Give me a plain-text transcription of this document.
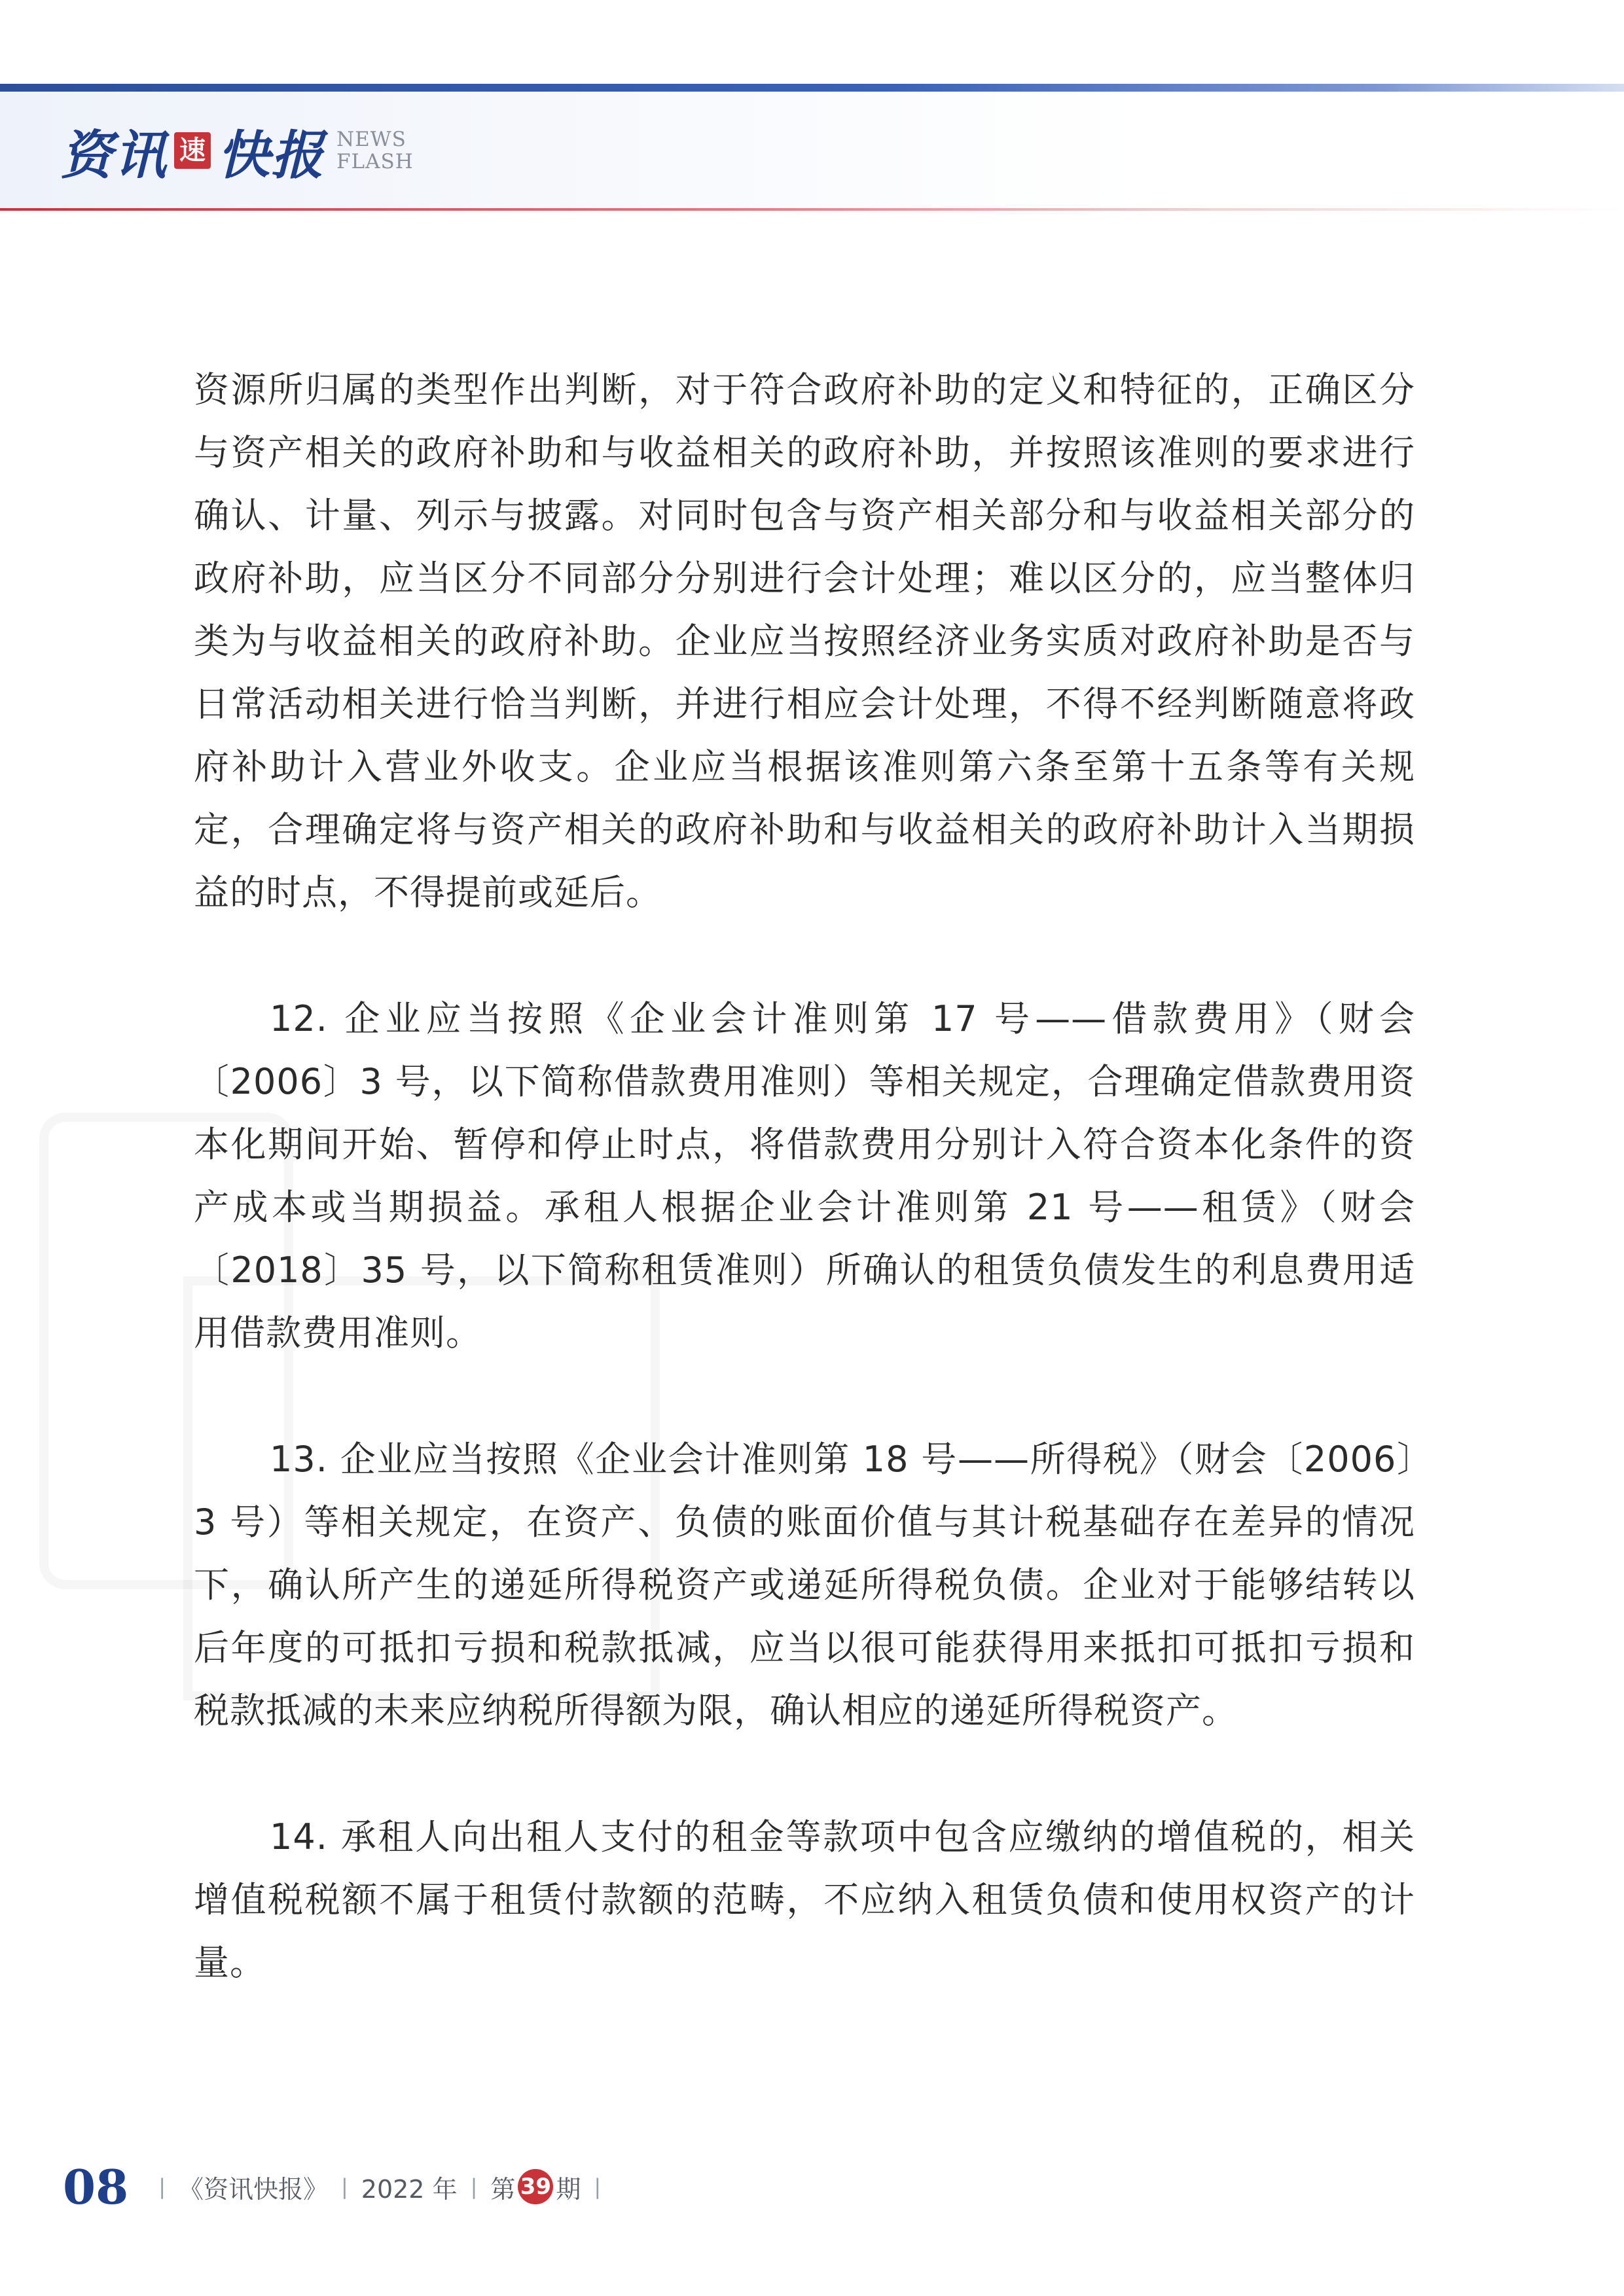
资讯 速 快报 NEWS
FLASH

资源所归属的类型作出判断，对于符合政府补助的定义和特征的，正确区分与资产相关的政府补助和与收益相关的政府补助，并按照该准则的要求进行确认、计量、列示与披露。对同时包含与资产相关部分和与收益相关部分的政府补助，应当区分不同部分分别进行会计处理；难以区分的，应当整体归类为与收益相关的政府补助。企业应当按照经济业务实质对政府补助是否与日常活动相关进行恰当判断，并进行相应会计处理，不得不经判断随意将政府补助计入营业外收支。企业应当根据该准则第六条至第十五条等有关规定，合理确定将与资产相关的政府补助和与收益相关的政府补助计入当期损益的时点，不得提前或延后。

12. 企业应当按照《企业会计准则第 17 号——借款费用》（财会〔2006〕3 号，以下简称借款费用准则）等相关规定，合理确定借款费用资本化期间开始、暂停和停止时点，将借款费用分别计入符合资本化条件的资产成本或当期损益。承租人根据企业会计准则第 21 号——租赁》（财会〔2018〕35 号，以下简称租赁准则）所确认的租赁负债发生的利息费用适用借款费用准则。

13. 企业应当按照《企业会计准则第 18 号——所得税》（财会〔2006〕3 号）等相关规定，在资产、负债的账面价值与其计税基础存在差异的情况下，确认所产生的递延所得税资产或递延所得税负债。企业对于能够结转以后年度的可抵扣亏损和税款抵减，应当以很可能获得用来抵扣可抵扣亏损和税款抵减的未来应纳税所得额为限，确认相应的递延所得税资产。

14. 承租人向出租人支付的租金等款项中包含应缴纳的增值税的，相关增值税税额不属于租赁付款额的范畴，不应纳入租赁负债和使用权资产的计量。

08 | 《资讯快报》 | 2022 年 | 第 39 期 |
